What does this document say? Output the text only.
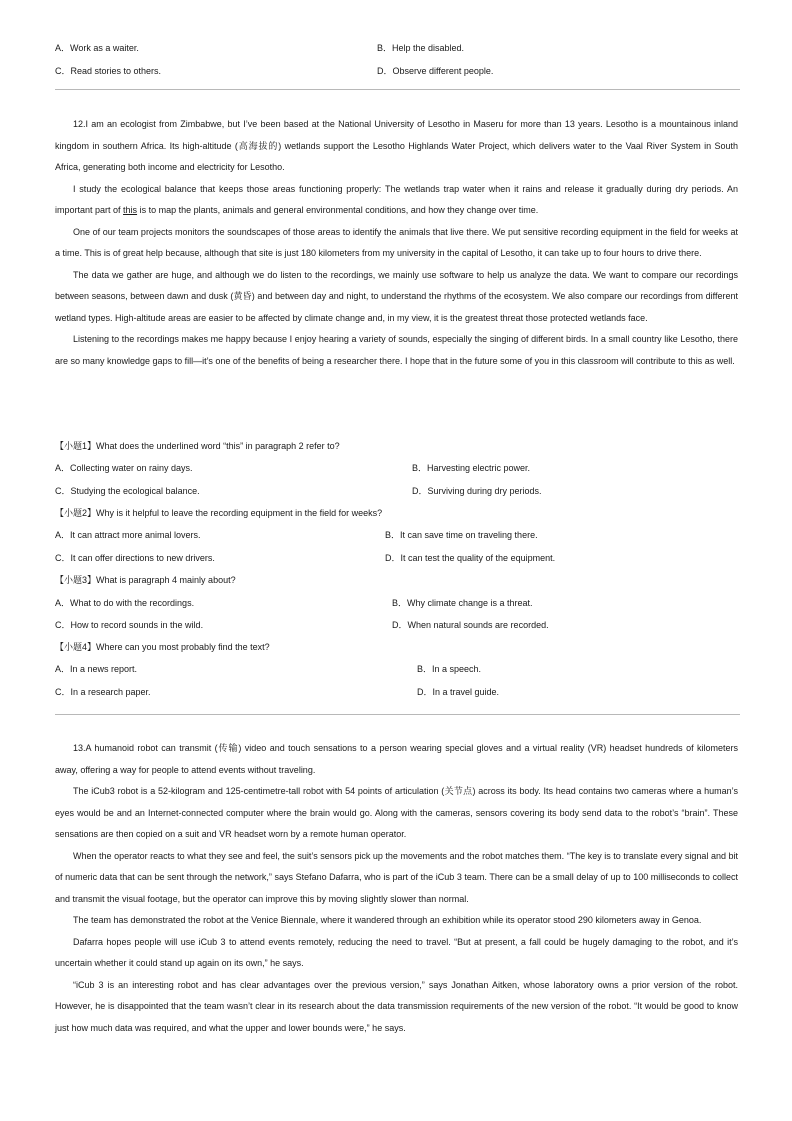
A．Work as a waiter.	B．Help the disabled.
C．Read stories to others.	D．Observe different people.

12.I am an ecologist from Zimbabwe, but I’ve been based at the National University of Lesotho in Maseru for more than 13 years. Lesotho is a mountainous inland kingdom in southern Africa. Its high-altitude (高海拔的) wetlands support the Lesotho Highlands Water Project, which delivers water to the Vaal River System in South Africa, generating both income and electricity for Lesotho.

I study the ecological balance that keeps those areas functioning properly: The wetlands trap water when it rains and release it gradually during dry periods. An important part of this is to map the plants, animals and general environmental conditions, and how they change over time.

One of our team projects monitors the soundscapes of those areas to identify the animals that live there. We put sensitive recording equipment in the field for weeks at a time. This is of great help because, although that site is just 180 kilometers from my university in the capital of Lesotho, it can take up to four hours to drive there.

The data we gather are huge, and although we do listen to the recordings, we mainly use software to help us analyze the data. We want to compare our recordings between seasons, between dawn and dusk (黄昏) and between day and night, to understand the rhythms of the ecosystem. We also compare our recordings from different wetland types. High-altitude areas are easier to be affected by climate change and, in my view, it is the greatest threat those protected wetlands face.

Listening to the recordings makes me happy because I enjoy hearing a variety of sounds, especially the singing of different birds. In a small country like Lesotho, there are so many knowledge gaps to fill—it’s one of the benefits of being a researcher there. I hope that in the future some of you in this classroom will contribute to this as well.

【小题1】What does the underlined word “this” in paragraph 2 refer to?
A．Collecting water on rainy days.	B．Harvesting electric power.
C．Studying the ecological balance.	D．Surviving during dry periods.
【小题2】Why is it helpful to leave the recording equipment in the field for weeks?
A．It can attract more animal lovers.	B．It can save time on traveling there.
C．It can offer directions to new drivers.	D．It can test the quality of the equipment.
【小题3】What is paragraph 4 mainly about?
A．What to do with the recordings.	B．Why climate change is a threat.
C．How to record sounds in the wild.	D．When natural sounds are recorded.
【小题4】Where can you most probably find the text?
A．In a news report.	B．In a speech.
C．In a research paper.	D．In a travel guide.

13.A humanoid robot can transmit (传输) video and touch sensations to a person wearing special gloves and a virtual reality (VR) headset hundreds of kilometers away, offering a way for people to attend events without traveling.

The iCub3 robot is a 52-kilogram and 125-centimetre-tall robot with 54 points of articulation (关节点) across its body. Its head contains two cameras where a human’s eyes would be and an Internet-connected computer where the brain would go. Along with the cameras, sensors covering its body send data to the robot’s “brain”. These sensations are then copied on a suit and VR headset worn by a remote human operator.

When the operator reacts to what they see and feel, the suit’s sensors pick up the movements and the robot matches them. “The key is to translate every signal and bit of numeric data that can be sent through the network,” says Stefano Dafarra, who is part of the iCub 3 team. There can be a small delay of up to 100 milliseconds to collect and transmit the visual footage, but the operator can improve this by moving slightly slower than normal.

The team has demonstrated the robot at the Venice Biennale, where it wandered through an exhibition while its operator stood 290 kilometers away in Genoa.

Dafarra hopes people will use iCub 3 to attend events remotely, reducing the need to travel. “But at present, a fall could be hugely damaging to the robot, and it’s uncertain whether it could stand up again on its own,” he says.

“iCub 3 is an interesting robot and has clear advantages over the previous version,” says Jonathan Aitken, whose laboratory owns a prior version of the robot. However, he is disappointed that the team wasn’t clear in its research about the data transmission requirements of the new version of the robot. “It would be good to know just how much data was required, and what the upper and lower bounds were,” he says.
